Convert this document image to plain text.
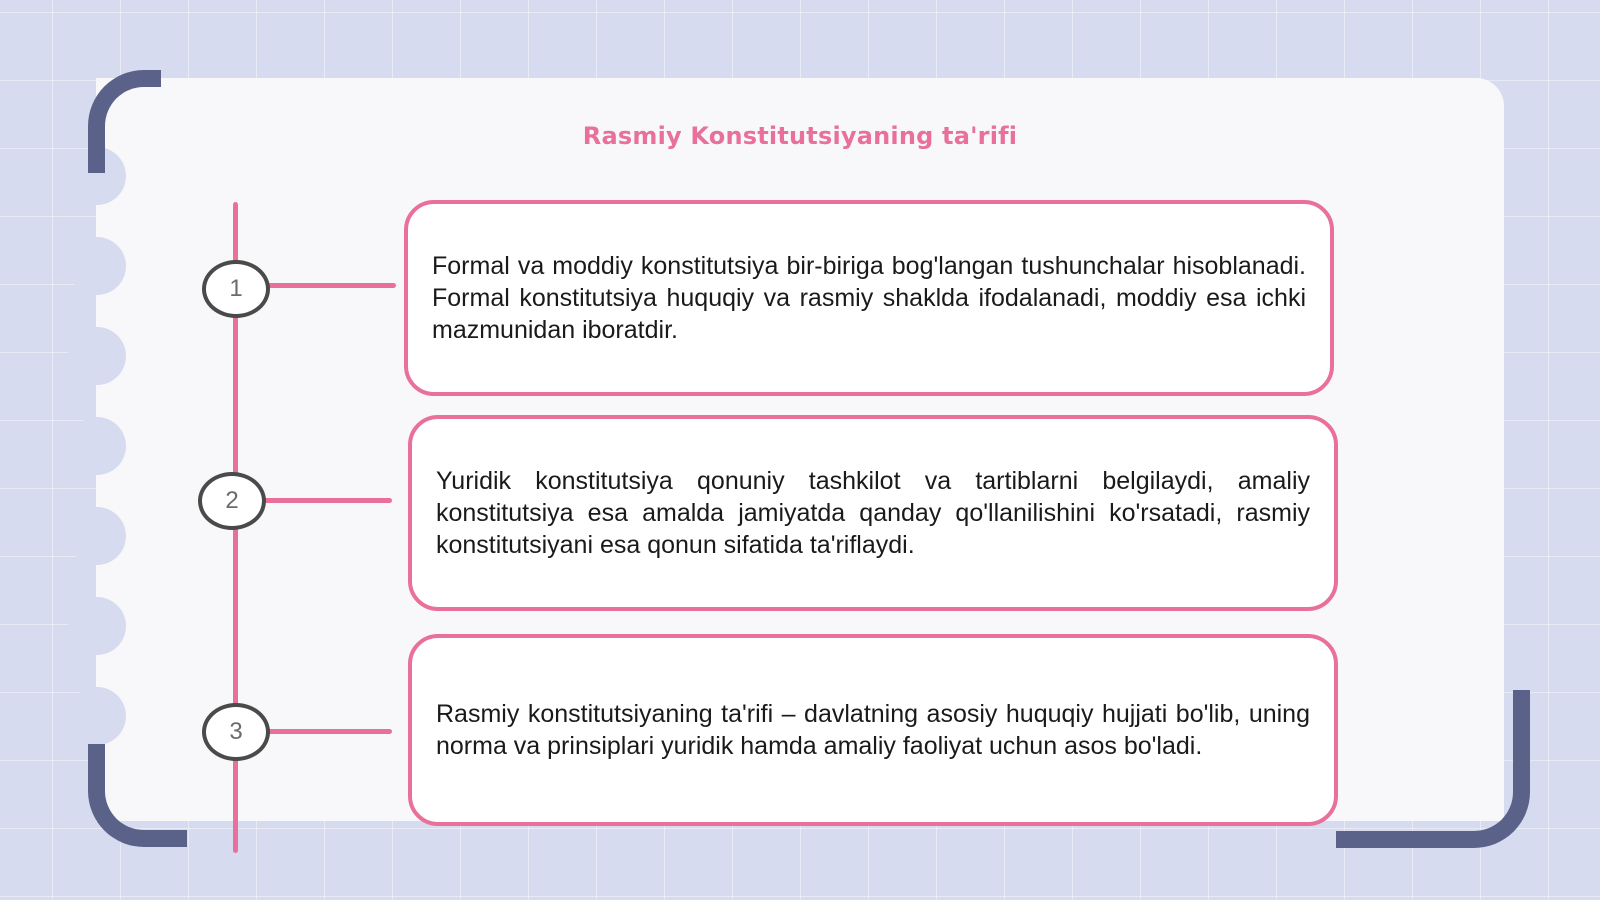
Rasmiy Konstitutsiyaning ta'rifi
1
2
3

Formal va moddiy konstitutsiya bir-biriga bog'langan tushunchalar hisoblanadi. Formal konstitutsiya huquqiy va rasmiy shaklda ifodalanadi, moddiy esa ichki mazmunidan iboratdir.

Yuridik konstitutsiya qonuniy tashkilot va tartiblarni belgilaydi, amaliy konstitutsiya esa amalda jamiyatda qanday qo'llanilishini ko'rsatadi, rasmiy konstitutsiyani esa qonun sifatida ta'riflaydi.

Rasmiy konstitutsiyaning ta'rifi – davlatning asosiy huquqiy hujjati bo'lib, uning norma va prinsiplari yuridik hamda amaliy faoliyat uchun asos bo'ladi.
